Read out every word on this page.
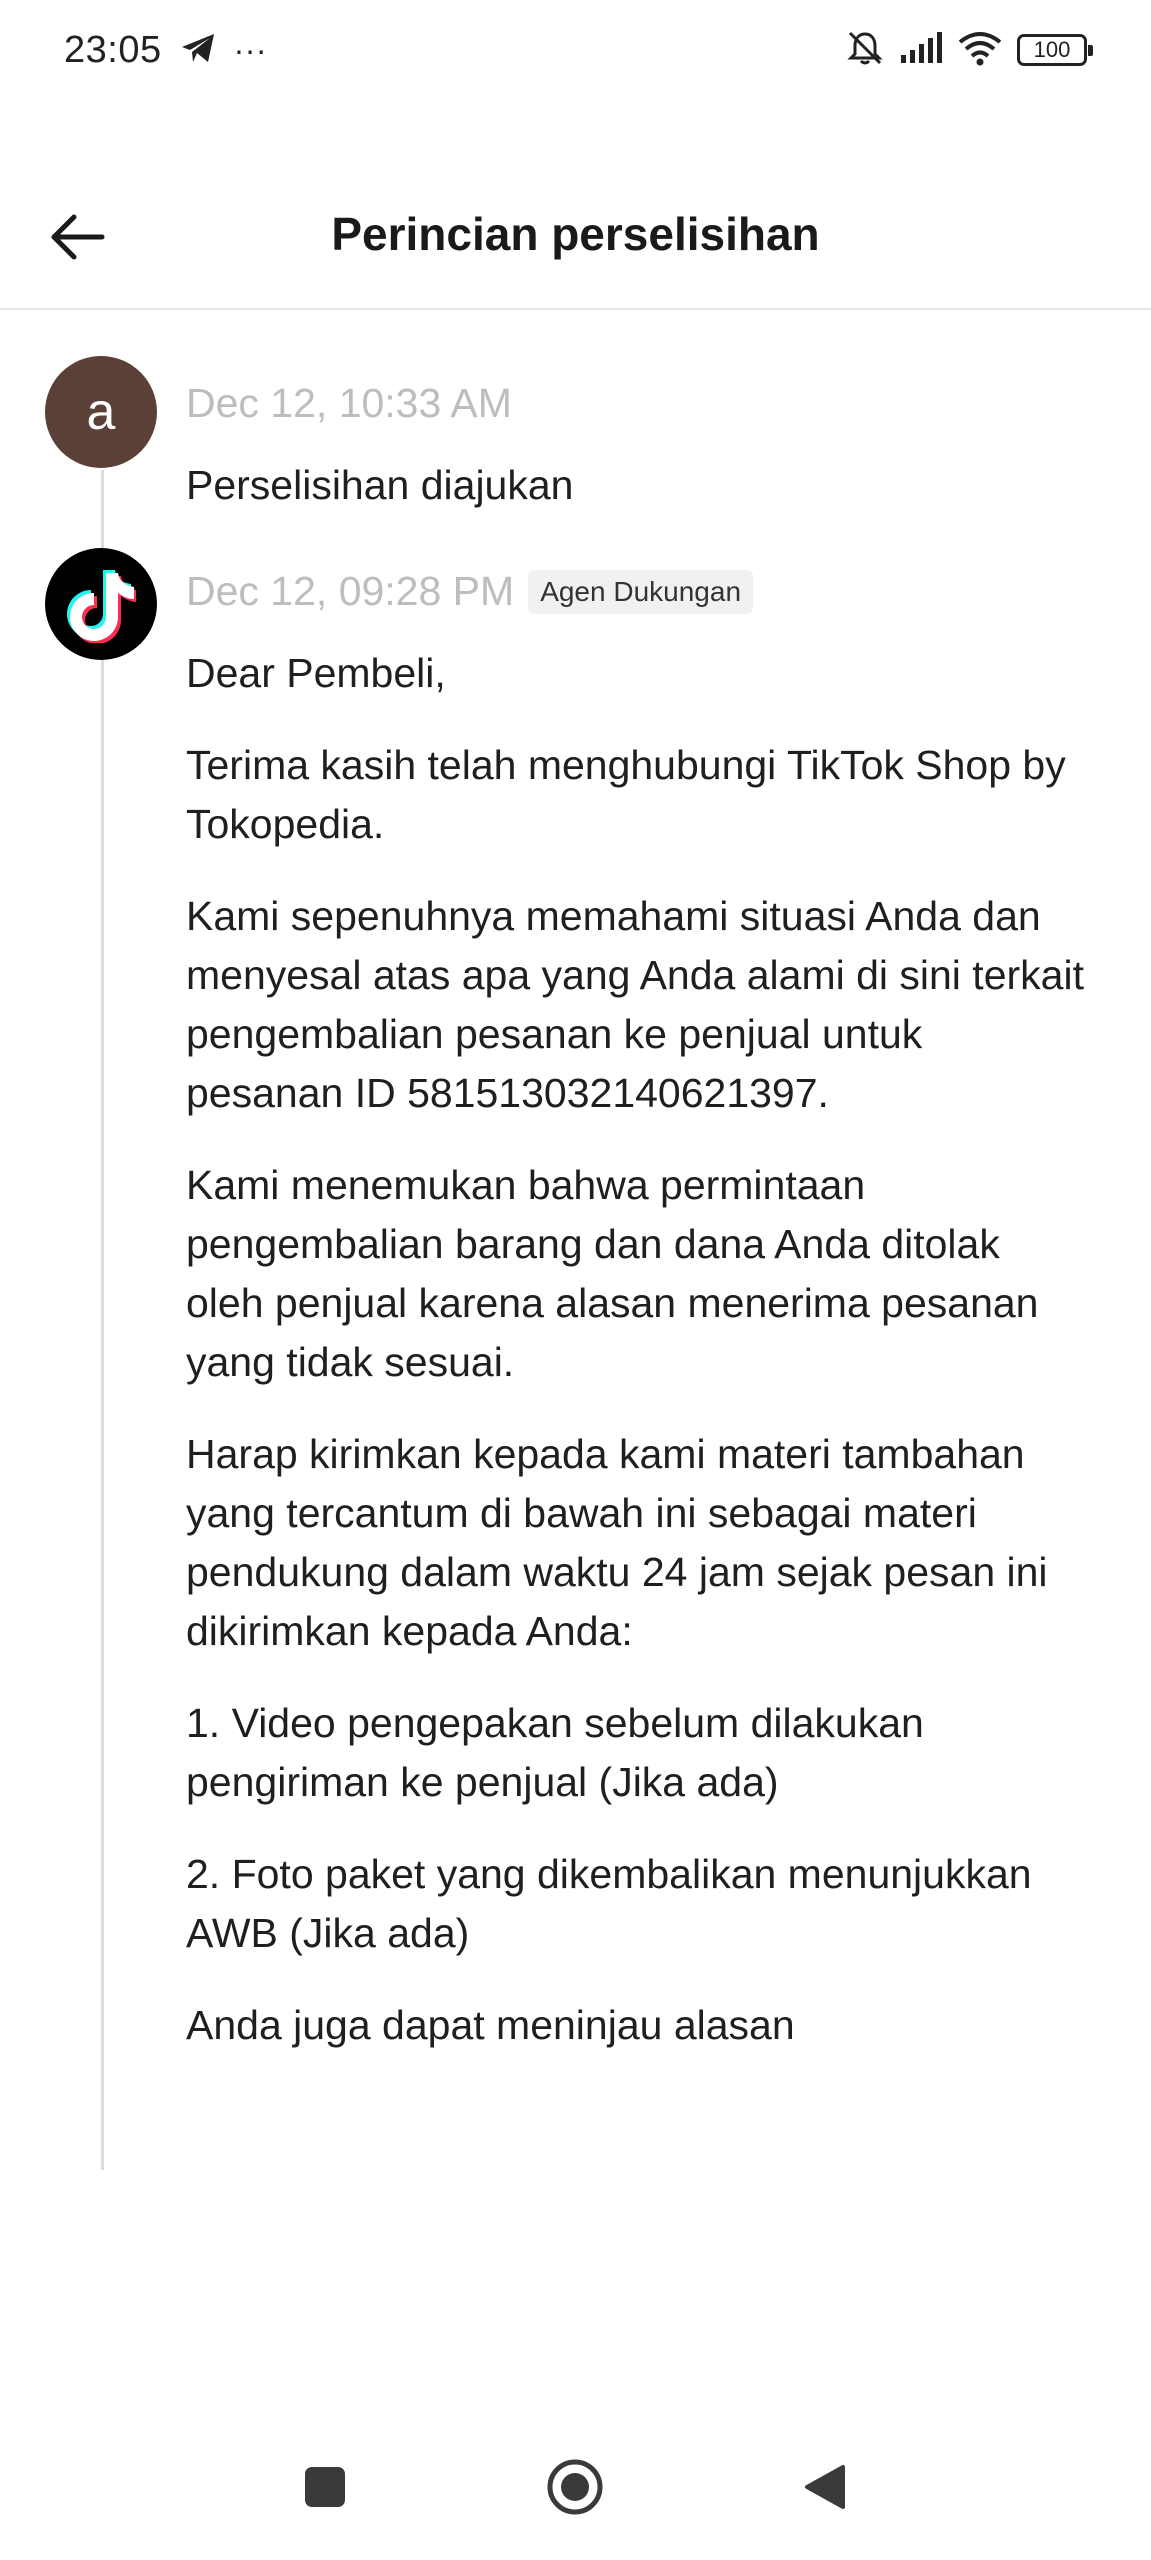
23:05 ···	100
Perincian perselisihan
a Dec 12, 10:33 AM
Perselisihan diajukan
Dec 12, 09:28 PM Agen Dukungan

Dear Pembeli,

Terima kasih telah menghubungi TikTok Shop by Tokopedia.

Kami sepenuhnya memahami situasi Anda dan menyesal atas apa yang Anda alami di sini terkait pengembalian pesanan ke penjual untuk pesanan ID 581513032140621397.

Kami menemukan bahwa permintaan pengembalian barang dan dana Anda ditolak oleh penjual karena alasan menerima pesanan yang tidak sesuai.

Harap kirimkan kepada kami materi tambahan yang tercantum di bawah ini sebagai materi pendukung dalam waktu 24 jam sejak pesan ini dikirimkan kepada Anda:

1. Video pengepakan sebelum dilakukan pengiriman ke penjual (Jika ada)

2. Foto paket yang dikembalikan menunjukkan AWB (Jika ada)

Anda juga dapat meninjau alasan
